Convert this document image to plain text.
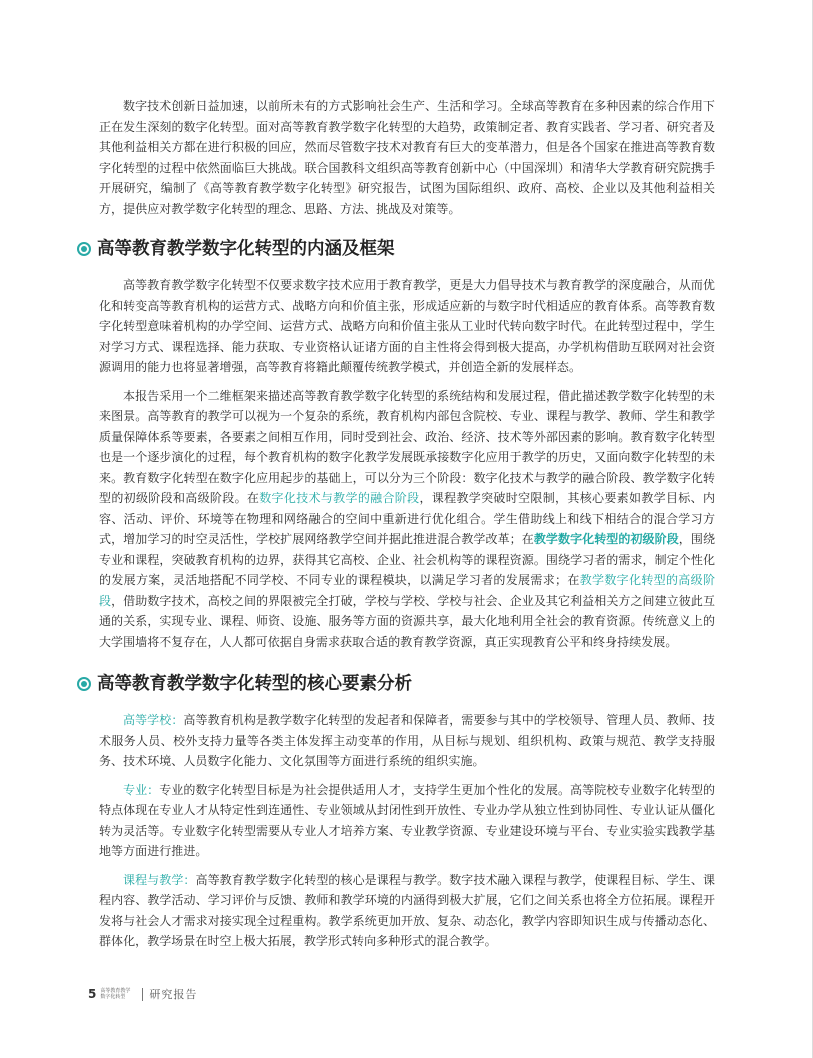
数字技术创新日益加速，以前所未有的方式影响社会生产、生活和学习。全球高等教育在多种因素的综合作用下正在发生深刻的数字化转型。面对高等教育教学数字化转型的大趋势，政策制定者、教育实践者、学习者、研究者及其他利益相关方都在进行积极的回应，然而尽管数字技术对教育有巨大的变革潜力，但是各个国家在推进高等教育数字化转型的过程中依然面临巨大挑战。联合国教科文组织高等教育创新中心（中国深圳）和清华大学教育研究院携手开展研究，编制了《高等教育教学数字化转型》研究报告，试图为国际组织、政府、高校、企业以及其他利益相关方，提供应对教学数字化转型的理念、思路、方法、挑战及对策等。

高等教育教学数字化转型的内涵及框架

高等教育教学数字化转型不仅要求数字技术应用于教育教学，更是大力倡导技术与教育教学的深度融合，从而优化和转变高等教育机构的运营方式、战略方向和价值主张，形成适应新的与数字时代相适应的教育体系。高等教育数字化转型意味着机构的办学空间、运营方式、战略方向和价值主张从工业时代转向数字时代。在此转型过程中，学生对学习方式、课程选择、能力获取、专业资格认证诸方面的自主性将会得到极大提高，办学机构借助互联网对社会资源调用的能力也将显著增强，高等教育将籍此颠覆传统教学模式，并创造全新的发展样态。

本报告采用一个二维框架来描述高等教育教学数字化转型的系统结构和发展过程，借此描述教学数字化转型的未来图景。高等教育的教学可以视为一个复杂的系统，教育机构内部包含院校、专业、课程与教学、教师、学生和教学质量保障体系等要素，各要素之间相互作用，同时受到社会、政治、经济、技术等外部因素的影响。教育数字化转型也是一个逐步演化的过程，每个教育机构的数字化教学发展既承接数字化应用于教学的历史，又面向数字化转型的未来。教育数字化转型在数字化应用起步的基础上，可以分为三个阶段：数字化技术与教学的融合阶段、教学数字化转型的初级阶段和高级阶段。在数字化技术与教学的融合阶段，课程教学突破时空限制，其核心要素如教学目标、内容、活动、评价、环境等在物理和网络融合的空间中重新进行优化组合。学生借助线上和线下相结合的混合学习方式，增加学习的时空灵活性，学校扩展网络教学空间并据此推进混合教学改革；在教学数字化转型的初级阶段，围绕专业和课程，突破教育机构的边界，获得其它高校、企业、社会机构等的课程资源。围绕学习者的需求，制定个性化的发展方案，灵活地搭配不同学校、不同专业的课程模块，以满足学习者的发展需求；在教学数字化转型的高级阶段，借助数字技术，高校之间的界限被完全打破，学校与学校、学校与社会、企业及其它利益相关方之间建立彼此互通的关系，实现专业、课程、师资、设施、服务等方面的资源共享，最大化地利用全社会的教育资源。传统意义上的大学围墙将不复存在，人人都可依据自身需求获取合适的教育教学资源，真正实现教育公平和终身持续发展。

高等教育教学数字化转型的核心要素分析

高等学校：高等教育机构是教学数字化转型的发起者和保障者，需要参与其中的学校领导、管理人员、教师、技术服务人员、校外支持力量等各类主体发挥主动变革的作用，从目标与规划、组织机构、政策与规范、教学支持服务、技术环境、人员数字化能力、文化氛围等方面进行系统的组织实施。

专业：专业的数字化转型目标是为社会提供适用人才，支持学生更加个性化的发展。高等院校专业数字化转型的特点体现在专业人才从特定性到连通性、专业领域从封闭性到开放性、专业办学从独立性到协同性、专业认证从僵化转为灵活等。专业数字化转型需要从专业人才培养方案、专业教学资源、专业建设环境与平台、专业实验实践教学基地等方面进行推进。

课程与教学：高等教育教学数字化转型的核心是课程与教学。数字技术融入课程与教学，使课程目标、学生、课程内容、教学活动、学习评价与反馈、教师和教学环境的内涵得到极大扩展，它们之间关系也将全方位拓展。课程开发将与社会人才需求对接实现全过程重构。教学系统更加开放、复杂、动态化，教学内容即知识生成与传播动态化、群体化，教学场景在时空上极大拓展，教学形式转向多种形式的混合教学。

5 高等教育教学
数字化转型	研究报告
